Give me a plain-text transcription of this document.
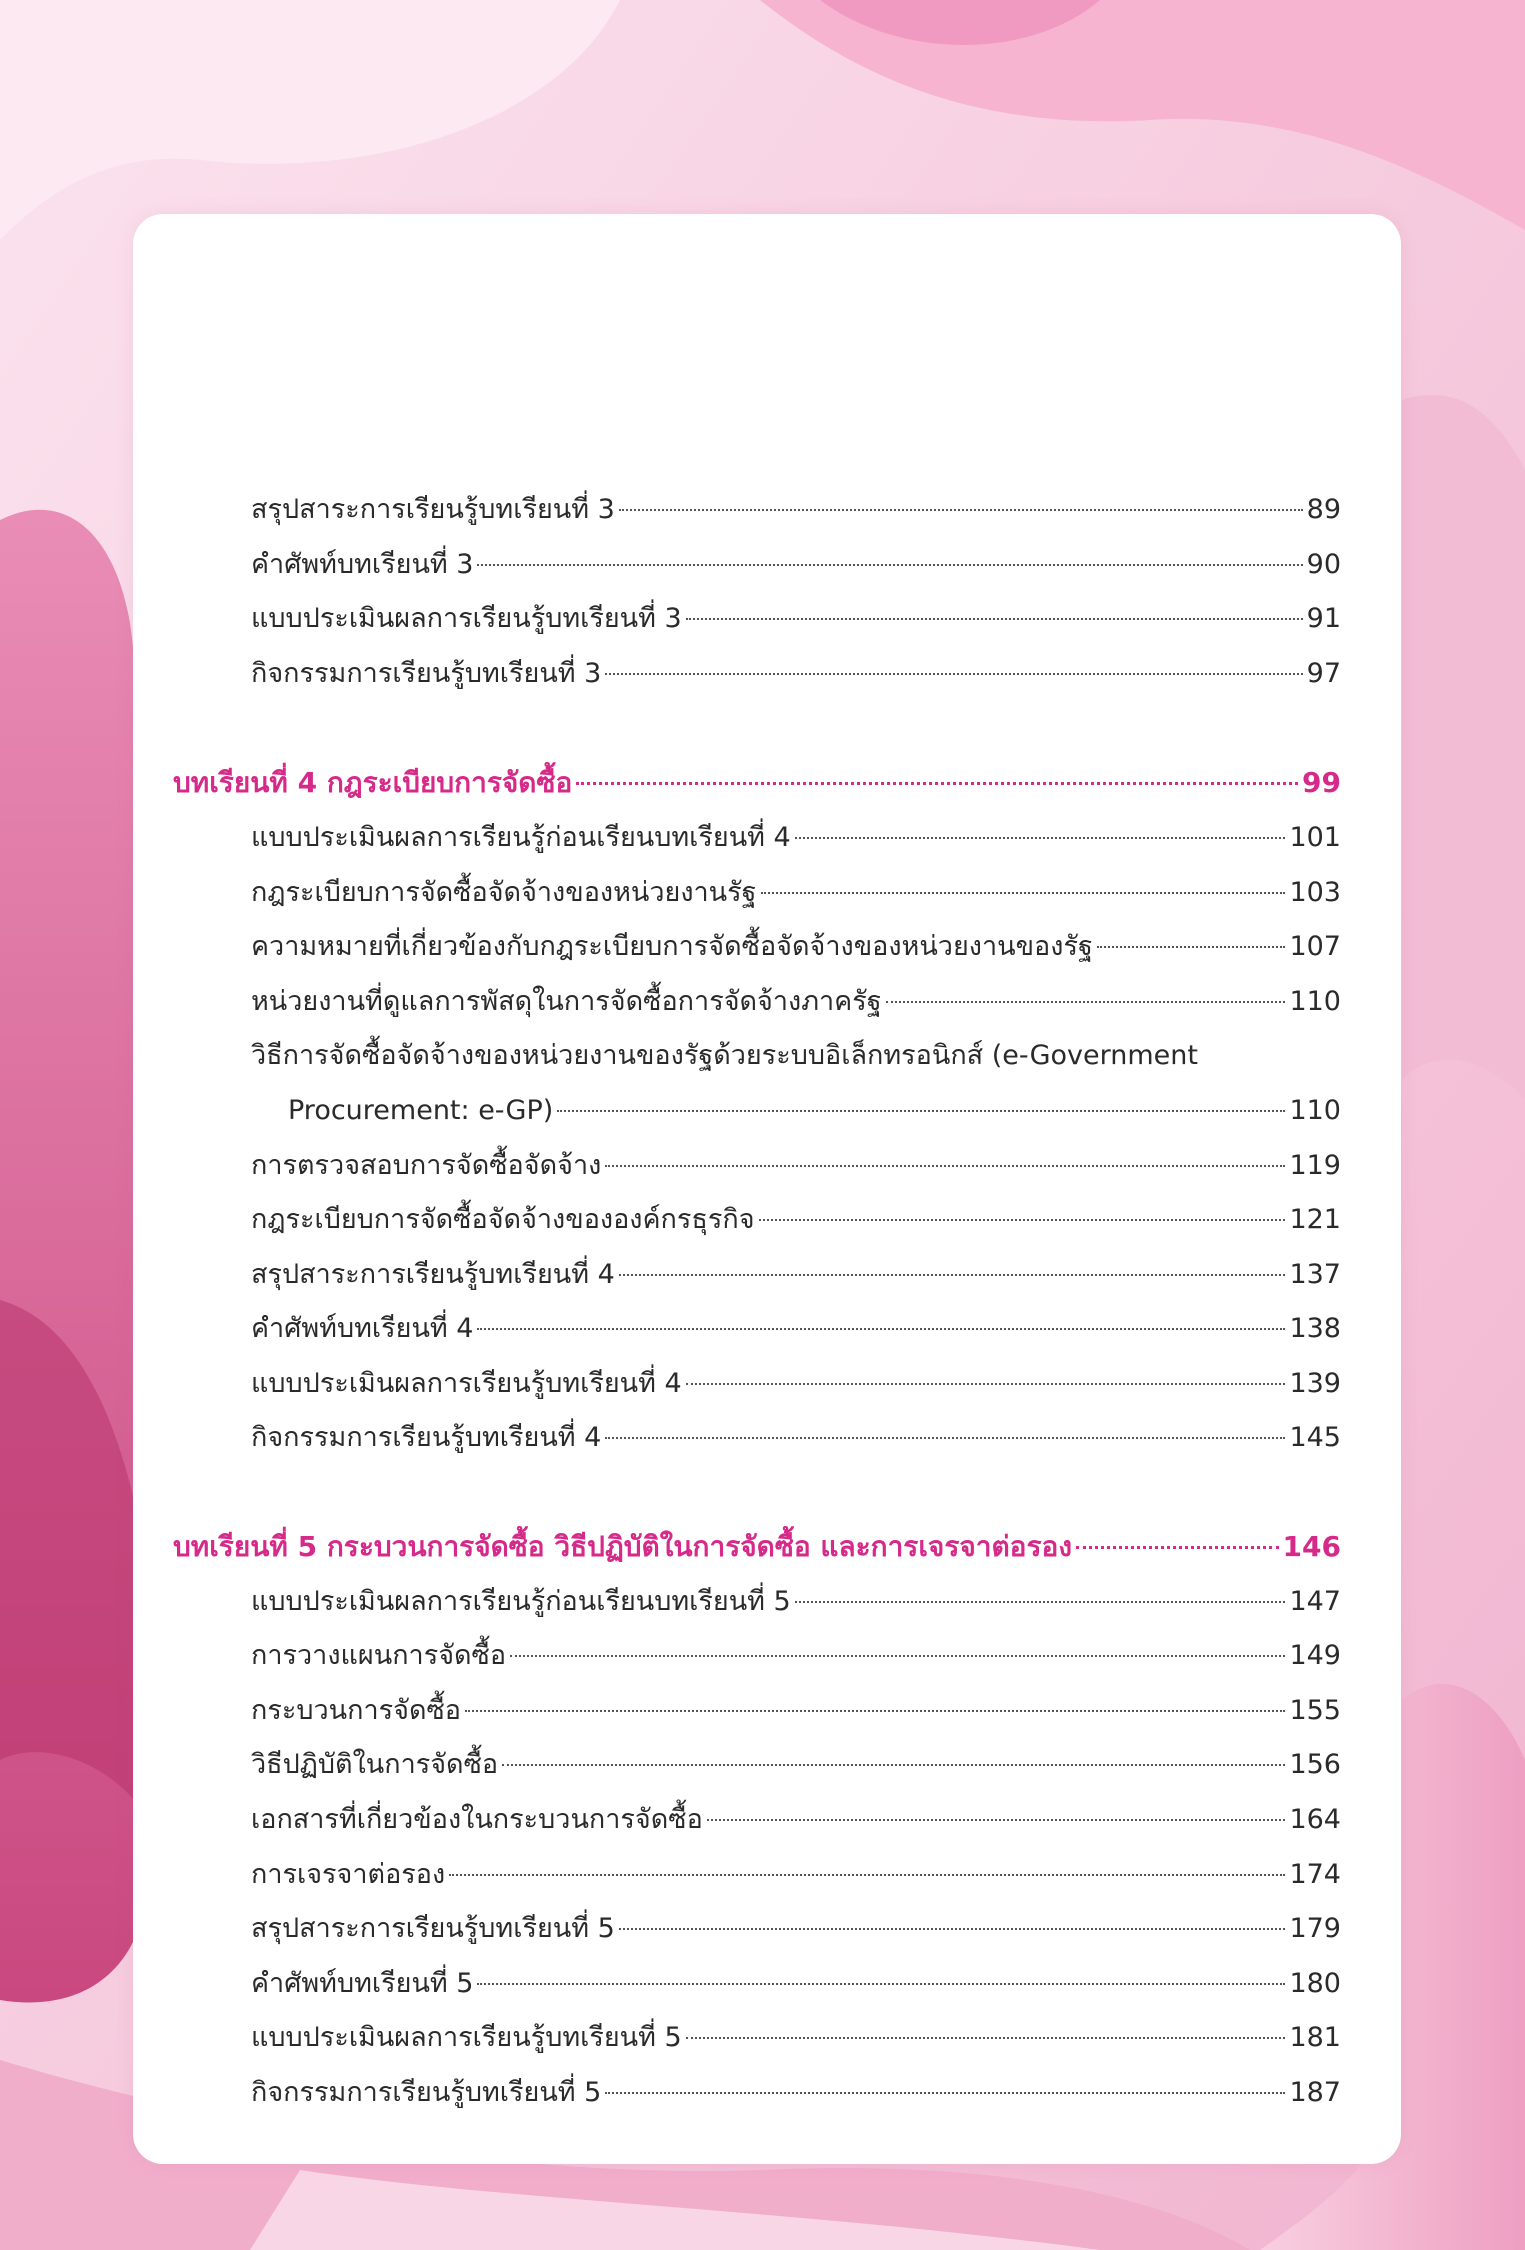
สรุปสาระการเรียนรู้บทเรียนที่ 3	89
คำศัพท์บทเรียนที่ 3	90
แบบประเมินผลการเรียนรู้บทเรียนที่ 3	91
กิจกรรมการเรียนรู้บทเรียนที่ 3	97
บทเรียนที่ 4 กฎระเบียบการจัดซื้อ	99
แบบประเมินผลการเรียนรู้ก่อนเรียนบทเรียนที่ 4	101
กฎระเบียบการจัดซื้อจัดจ้างของหน่วยงานรัฐ	103
ความหมายที่เกี่ยวข้องกับกฎระเบียบการจัดซื้อจัดจ้างของหน่วยงานของรัฐ	107
หน่วยงานที่ดูแลการพัสดุในการจัดซื้อการจัดจ้างภาครัฐ	110
วิธีการจัดซื้อจัดจ้างของหน่วยงานของรัฐด้วยระบบอิเล็กทรอนิกส์ (e-Government
Procurement: e-GP)	110
การตรวจสอบการจัดซื้อจัดจ้าง	119
กฎระเบียบการจัดซื้อจัดจ้างขององค์กรธุรกิจ	121
สรุปสาระการเรียนรู้บทเรียนที่ 4	137
คำศัพท์บทเรียนที่ 4	138
แบบประเมินผลการเรียนรู้บทเรียนที่ 4	139
กิจกรรมการเรียนรู้บทเรียนที่ 4	145
บทเรียนที่ 5 กระบวนการจัดซื้อ วิธีปฏิบัติในการจัดซื้อ และการเจรจาต่อรอง	146
แบบประเมินผลการเรียนรู้ก่อนเรียนบทเรียนที่ 5	147
การวางแผนการจัดซื้อ	149
กระบวนการจัดซื้อ	155
วิธีปฏิบัติในการจัดซื้อ	156
เอกสารที่เกี่ยวข้องในกระบวนการจัดซื้อ	164
การเจรจาต่อรอง	174
สรุปสาระการเรียนรู้บทเรียนที่ 5	179
คำศัพท์บทเรียนที่ 5	180
แบบประเมินผลการเรียนรู้บทเรียนที่ 5	181
กิจกรรมการเรียนรู้บทเรียนที่ 5	187
